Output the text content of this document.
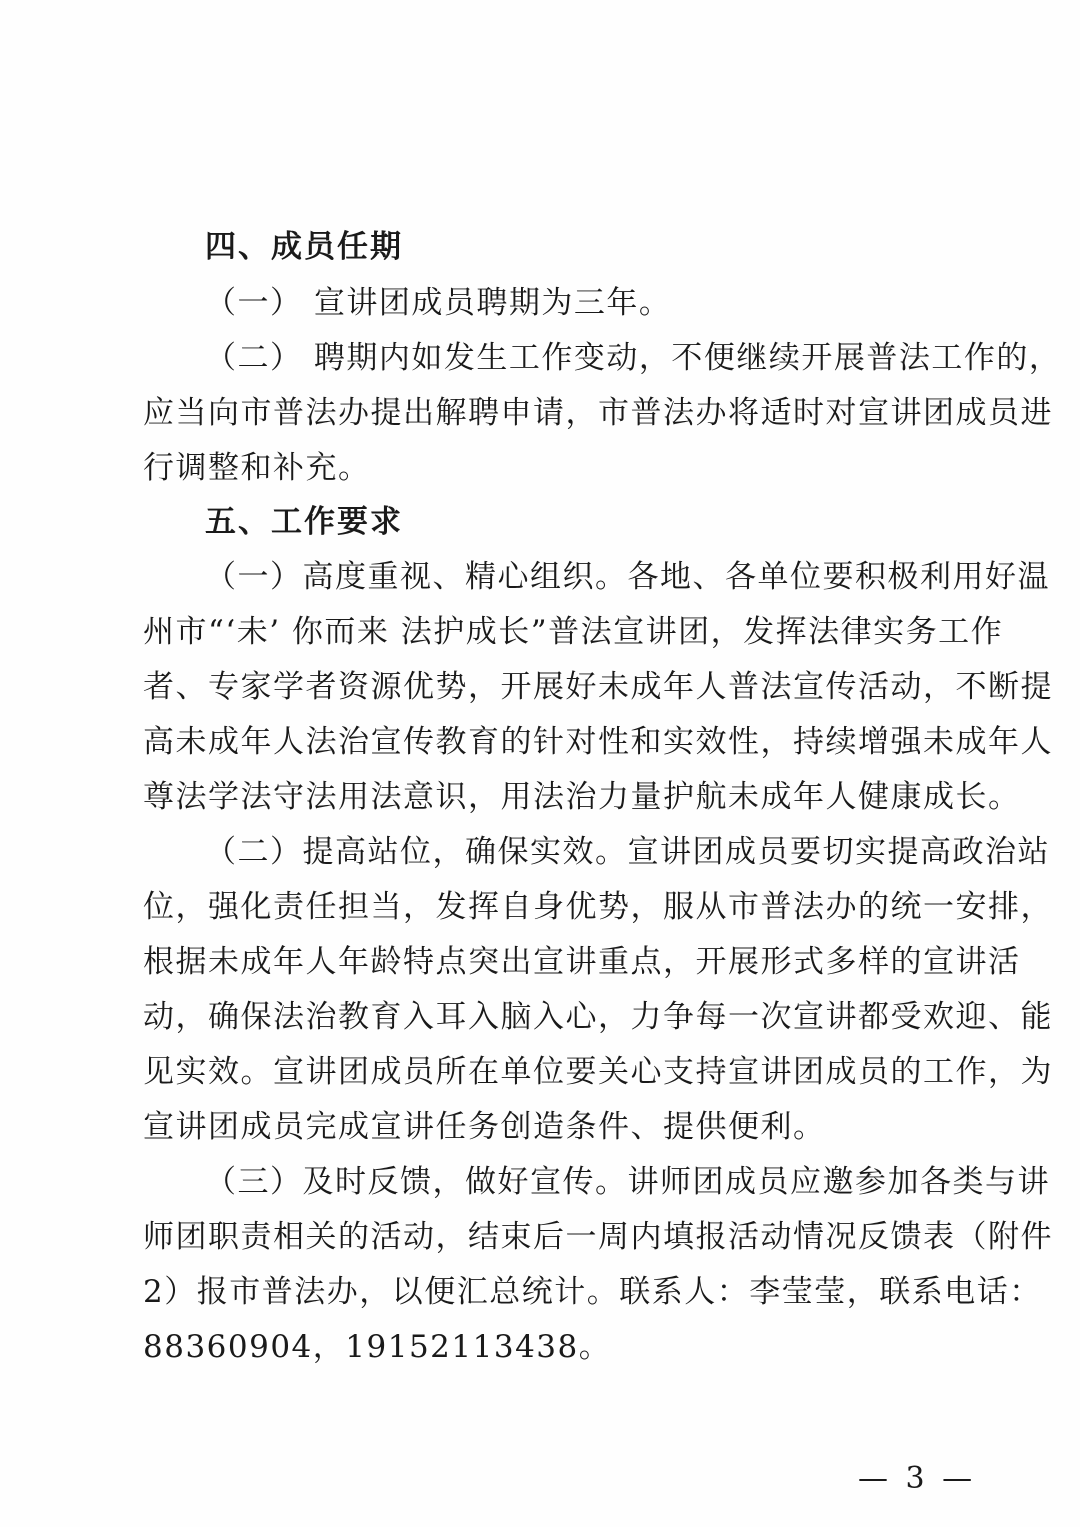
四、成员任期
（一） 宣讲团成员聘期为三年。
（二） 聘期内如发生工作变动，不便继续开展普法工作的，
应当向市普法办提出解聘申请，市普法办将适时对宣讲团成员进
行调整和补充。
五、工作要求
（一）高度重视、精心组织。各地、各单位要积极利用好温
州市“‘未’ 你而来 法护成长”普法宣讲团，发挥法律实务工作
者、专家学者资源优势，开展好未成年人普法宣传活动，不断提
高未成年人法治宣传教育的针对性和实效性，持续增强未成年人
尊法学法守法用法意识，用法治力量护航未成年人健康成长。
（二）提高站位，确保实效。宣讲团成员要切实提高政治站
位，强化责任担当，发挥自身优势，服从市普法办的统一安排，
根据未成年人年龄特点突出宣讲重点，开展形式多样的宣讲活
动，确保法治教育入耳入脑入心，力争每一次宣讲都受欢迎、能
见实效。宣讲团成员所在单位要关心支持宣讲团成员的工作，为
宣讲团成员完成宣讲任务创造条件、提供便利。
（三）及时反馈，做好宣传。讲师团成员应邀参加各类与讲
师团职责相关的活动，结束后一周内填报活动情况反馈表（附件
2）报市普法办，以便汇总统计。联系人：李莹莹，联系电话：
88360904，19152113438。
— 3 —
